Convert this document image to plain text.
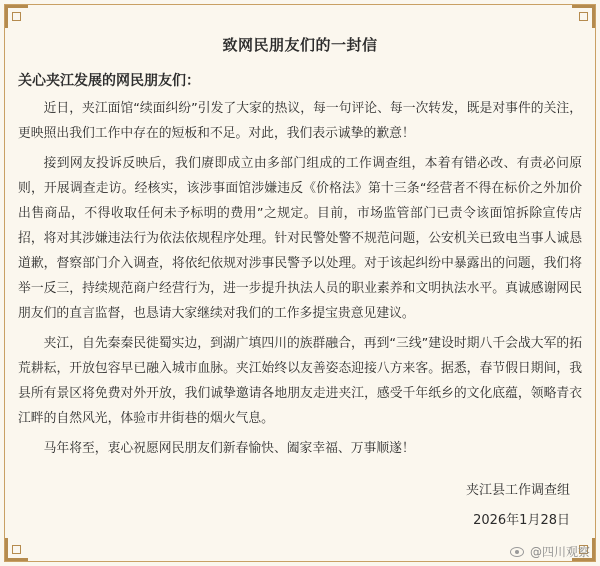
致网民朋友们的一封信

关心夹江发展的网民朋友们：

近日，夹江面馆“续面纠纷”引发了大家的热议，每一句评论、每一次转发，既是对事件的关注，更映照出我们工作中存在的短板和不足。对此，我们表示诚挚的歉意！

接到网友投诉反映后，我们赓即成立由多部门组成的工作调查组，本着有错必改、有责必问原则，开展调查走访。经核实，该涉事面馆涉嫌违反《价格法》第十三条“经营者不得在标价之外加价出售商品，不得收取任何未予标明的费用”之规定。目前，市场监管部门已责令该面馆拆除宣传店招，将对其涉嫌违法行为依法依规程序处理。针对民警处警不规范问题，公安机关已致电当事人诚恳道歉，督察部门介入调查，将依纪依规对涉事民警予以处理。对于该起纠纷中暴露出的问题，我们将举一反三，持续规范商户经营行为，进一步提升执法人员的职业素养和文明执法水平。真诚感谢网民朋友们的直言监督，也恳请大家继续对我们的工作多提宝贵意见建议。

夹江，自先秦秦民徙蜀实边，到湖广填四川的族群融合，再到“三线”建设时期八千会战大军的拓荒耕耘，开放包容早已融入城市血脉。夹江始终以友善姿态迎接八方来客。据悉，春节假日期间，我县所有景区将免费对外开放，我们诚挚邀请各地朋友走进夹江，感受千年纸乡的文化底蕴，领略青衣江畔的自然风光，体验市井街巷的烟火气息。

马年将至，衷心祝愿网民朋友们新春愉快、阖家幸福、万事顺遂！

夹江县工作调查组
2026年1月28日
@四川观察
